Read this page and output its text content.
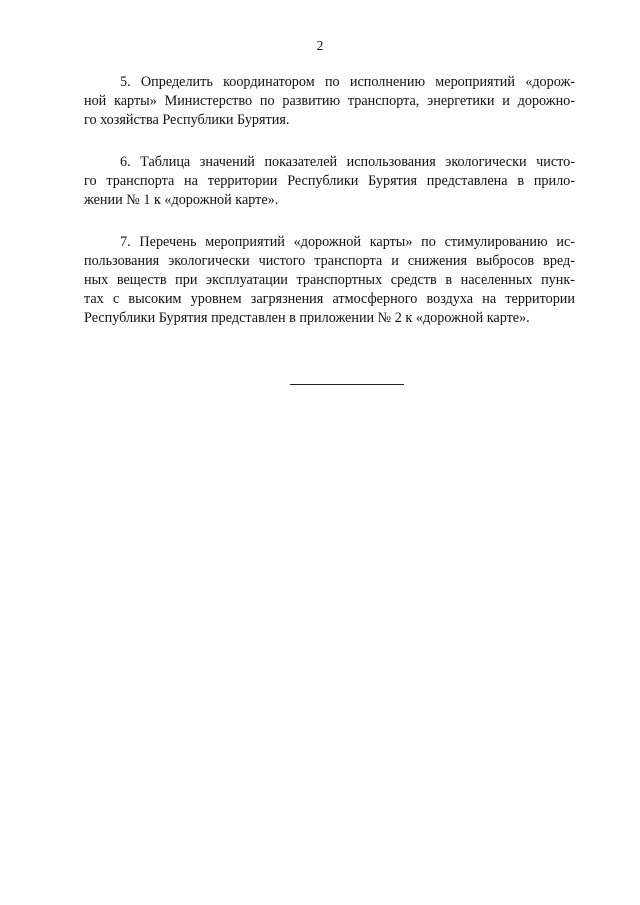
2

5. Определить координатором по исполнению мероприятий «дорож-
ной карты» Министерство по развитию транспорта, энергетики и дорожно-
го хозяйства Республики Бурятия.

6. Таблица значений показателей использования экологически чисто-
го транспорта на территории Республики Бурятия представлена в прило-
жении № 1 к «дорожной карте».

7. Перечень мероприятий «дорожной карты» по стимулированию ис-
пользования экологически чистого транспорта и снижения выбросов вред-
ных веществ при эксплуатации транспортных средств в населенных пунк-
тах с высоким уровнем загрязнения атмосферного воздуха на территории
Республики Бурятия представлен в приложении № 2 к «дорожной карте».
